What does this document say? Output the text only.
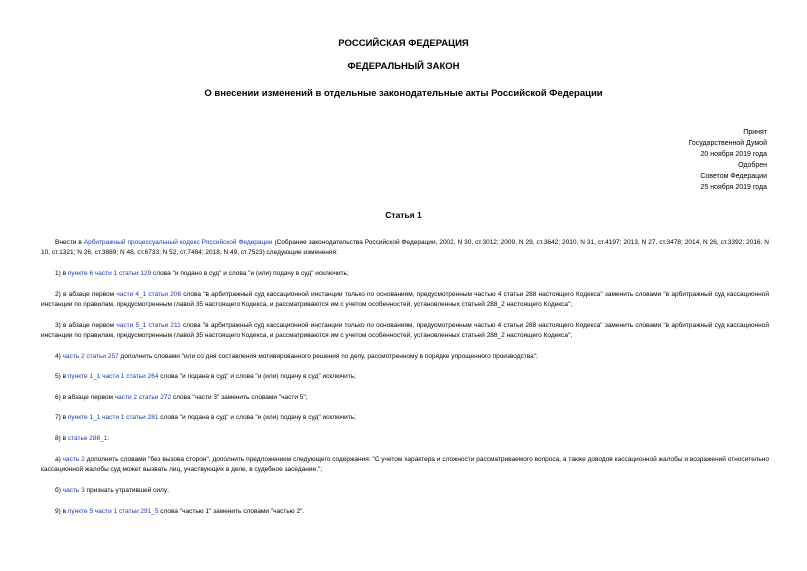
РОССИЙСКАЯ ФЕДЕРАЦИЯ
ФЕДЕРАЛЬНЫЙ ЗАКОН
О внесении изменений в отдельные законодательные акты Российской Федерации
Принят
Государственной Думой
20 ноября 2019 года
Одобрен
Советом Федерации
25 ноября 2019 года
Статья 1
Внести в Арбитражный процессуальный кодекс Российской Федерации (Собрание законодательства Российской Федерации, 2002, N 30, ст.3012; 2009, N 29, ст.3642; 2010, N 31, ст.4197; 2013, N 27, ст.3478; 2014, N 26, ст.3392; 2016, N 10, ст.1321; N 26, ст.3889; N 48, ст.6733; N 52, ст.7484; 2018, N 49, ст.7523) следующие изменения:
1) в пункте 6 части 1 статьи 129 слова "и подано в суд" и слова "и (или) подачу в суд" исключить;
2) в абзаце первом части 4_1 статьи 206 слова "в арбитражный суд кассационной инстанции только по основаниям, предусмотренным частью 4 статьи 288 настоящего Кодекса" заменить словами "в арбитражный суд кассационной инстанции по правилам, предусмотренным главой 35 настоящего Кодекса, и рассматриваются им с учетом особенностей, установленных статьей 288_2 настоящего Кодекса";
3) в абзаце первом части 5_1 статьи 211 слова "в арбитражный суд кассационной инстанции только по основаниям, предусмотренным частью 4 статьи 288 настоящего Кодекса" заменить словами "в арбитражный суд кассационной инстанции по правилам, предусмотренным главой 35 настоящего Кодекса, и рассматриваются им с учетом особенностей, установленных статьей 288_2 настоящего Кодекса";
4) часть 2 статьи 257 дополнить словами "или со дня составления мотивированного решения по делу, рассмотренному в порядке упрощенного производства";
5) в пункте 1_1 части 1 статьи 264 слова "и подана в суд" и слова "и (или) подачу в суд" исключить;
6) в абзаце первом части 2 статьи 272 слова "части 3" заменить словами "части 5";
7) в пункте 1_1 части 1 статьи 281 слова "и подана в суд" и слова "и (или) подачу в суд" исключить;
8) в статье 288_1:
а) часть 2 дополнить словами "без вызова сторон", дополнить предложением следующего содержания: "С учетом характера и сложности рассматриваемого вопроса, а также доводов кассационной жалобы и возражений относительно кассационной жалобы суд может вызвать лиц, участвующих в деле, в судебное заседание.";
б) часть 3 признать утратившей силу;
9) в пункте 5 части 1 статьи 291_5 слова "частью 1" заменить словами "частью 2".
